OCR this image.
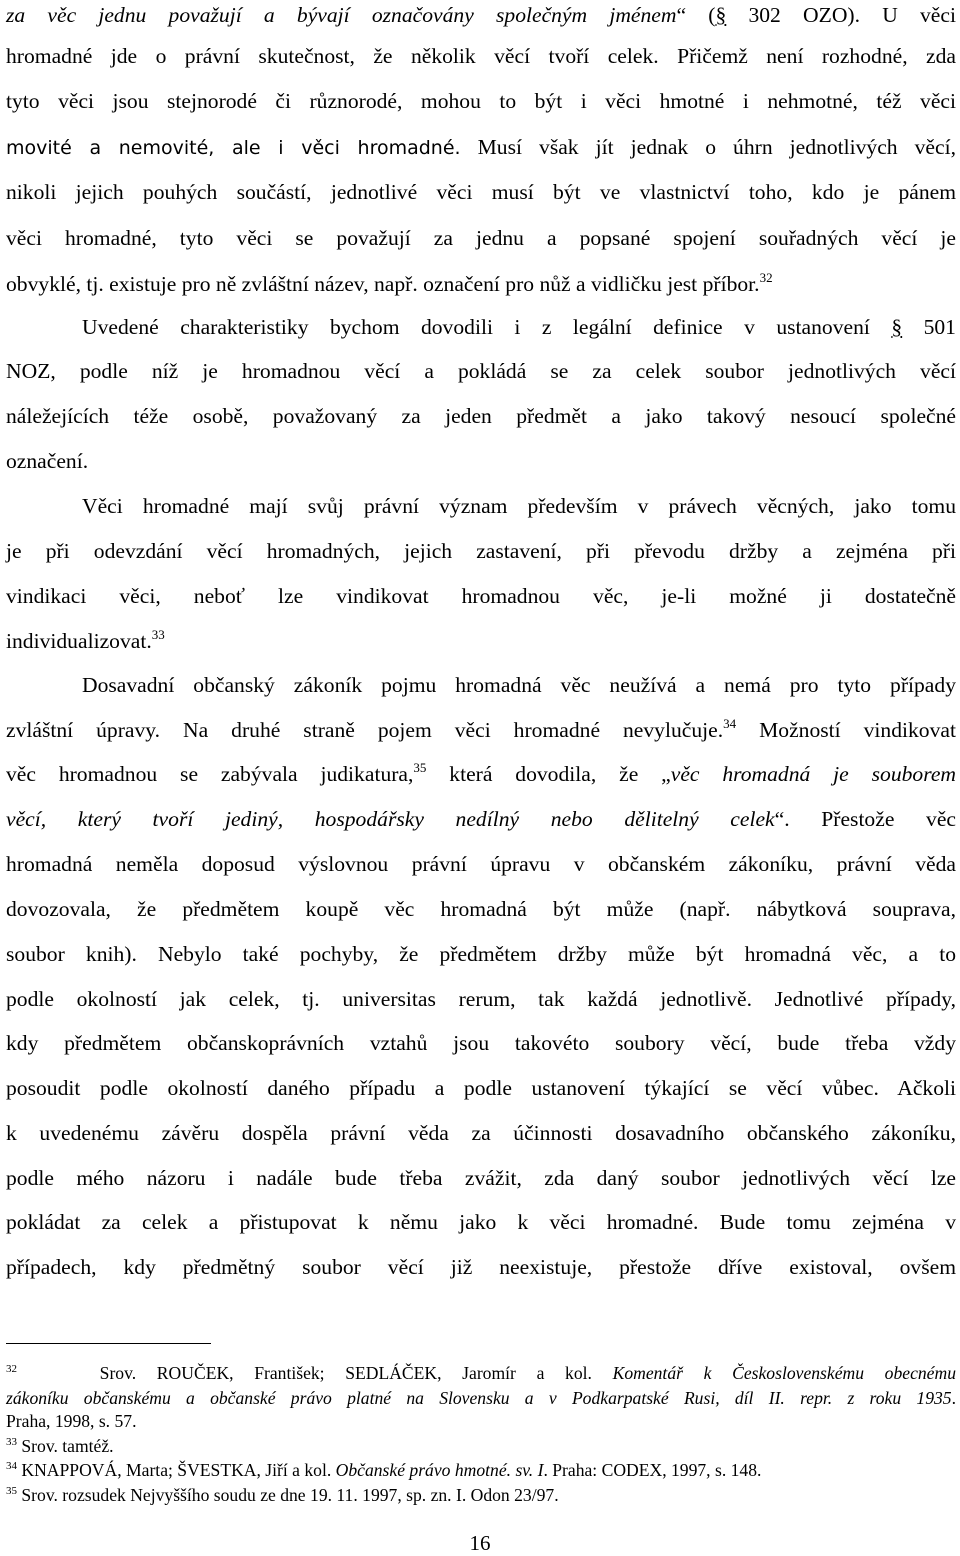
za věc jednu považují a bývají označovány společným jménem“ (§ 302 OZO). U věci

hromadné jde o právní skutečnost, že několik věcí tvoří celek. Přičemž není rozhodné, zda

tyto věci jsou stejnorodé či různorodé, mohou to být i věci hmotné i nehmotné, též věci

movité a nemovité, ale i věci hromadné. Musí však jít jednak o úhrn jednotlivých věcí,

nikoli jejich pouhých součástí, jednotlivé věci musí být ve vlastnictví toho, kdo je pánem

věci hromadné, tyto věci se považují za jednu a popsané spojení souřadných věcí je

obvyklé, tj. existuje pro ně zvláštní název, např. označení pro nůž a vidličku jest příbor.$^{32}$

Uvedené charakteristiky bychom dovodili i z legální definice v ustanovení § 501

NOZ, podle níž je hromadnou věcí a pokládá se za celek soubor jednotlivých věcí

náležejících téže osobě, považovaný za jeden předmět a jako takový nesoucí společné

označení.

Věci hromadné mají svůj právní význam především v právech věcných, jako tomu

je při odevzdání věcí hromadných, jejich zastavení, při převodu držby a zejména při

vindikaci věci, neboť lze vindikovat hromadnou věc, je-li možné ji dostatečně

individualizovat.$^{33}$

Dosavadní občanský zákoník pojmu hromadná věc neužívá a nemá pro tyto případy

zvláštní úpravy. Na druhé straně pojem věci hromadné nevylučuje.$^{34}$ Možností vindikovat

věc hromadnou se zabývala judikatura,$^{35}$ která dovodila, že „věc hromadná je souborem

věcí, který tvoří jediný, hospodářsky nedílný nebo dělitelný celek“. Přestože věc

hromadná neměla doposud výslovnou právní úpravu v občanském zákoníku, právní věda

dovozovala, že předmětem koupě věc hromadná být může (např. nábytková souprava,

soubor knih). Nebylo také pochyby, že předmětem držby může být hromadná věc, a to

podle okolností jak celek, tj. universitas rerum, tak každá jednotlivě. Jednotlivé případy,

kdy předmětem občanskoprávních vztahů jsou takovéto soubory věcí, bude třeba vždy

posoudit podle okolností daného případu a podle ustanovení týkající se věcí vůbec. Ačkoli

k uvedenému závěru dospěla právní věda za účinnosti dosavadního občanského zákoníku,

podle mého názoru i nadále bude třeba zvážit, zda daný soubor jednotlivých věcí lze

pokládat za celek a přistupovat k němu jako k věci hromadné. Bude tomu zejména v

případech, kdy předmětný soubor věcí již neexistuje, přestože dříve existoval, ovšem

$^{32}$	Srov. ROUČEK, František; SEDLÁČEK, Jaromír a kol. Komentář k Československému obecnému

zákoníku občanskému a občanské právo platné na Slovensku a v Podkarpatské Rusi, díl II. repr. z roku 1935.

Praha, 1998, s. 57.

$^{33}$ Srov. tamtéž.

$^{34}$ KNAPPOVÁ, Marta; ŠVESTKA, Jiří a kol. Občanské právo hmotné. sv. I. Praha: CODEX, 1997, s. 148.

$^{35}$ Srov. rozsudek Nejvyššího soudu ze dne 19. 11. 1997, sp. zn. I. Odon 23/97.

16
